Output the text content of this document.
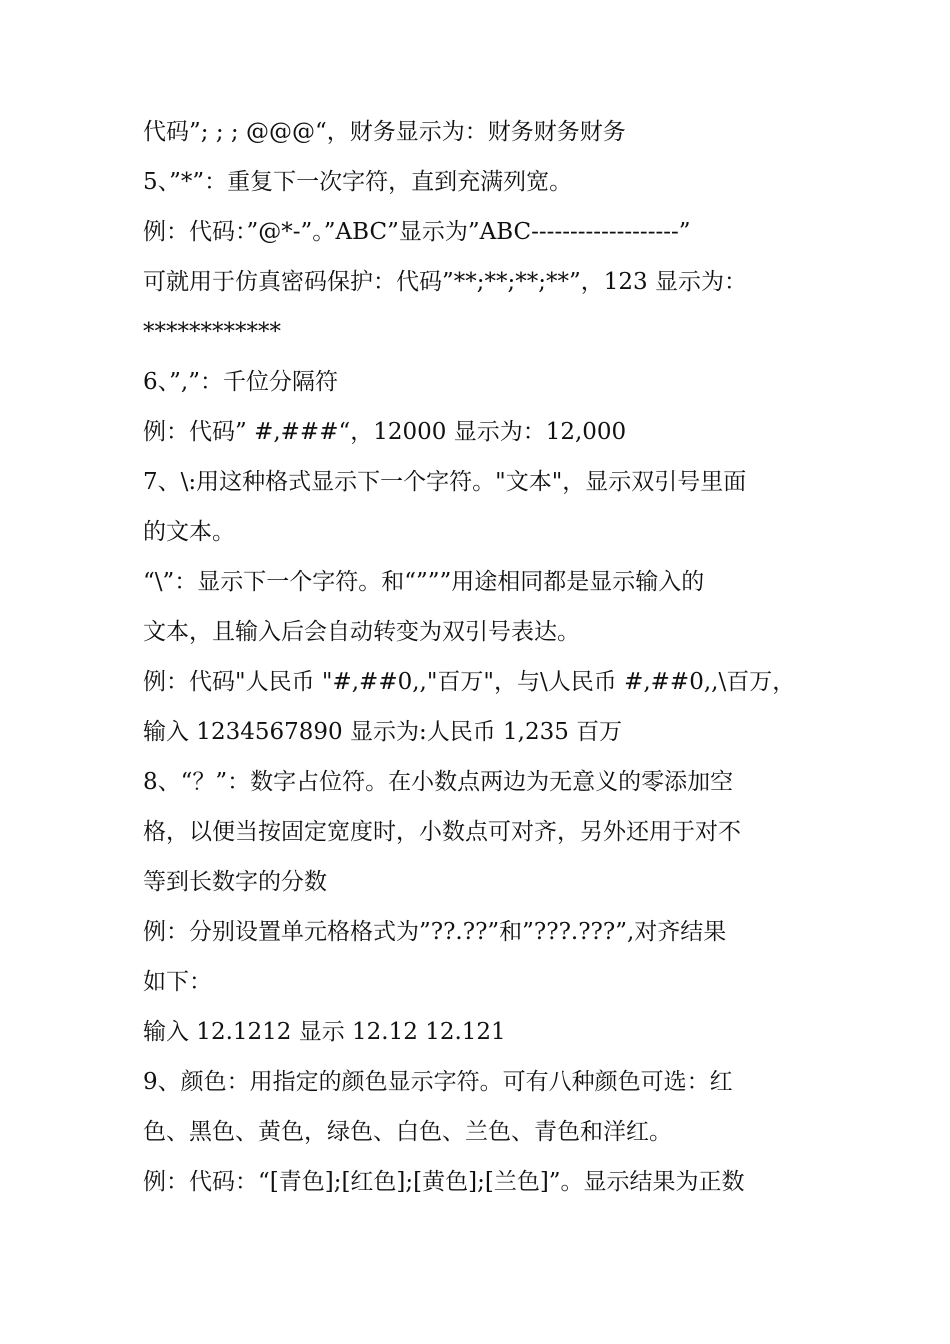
代码”; ; ; @@@“，财务显示为：财务财务财务
5、”*”：重复下一次字符，直到充满列宽。
例：代码：”@*-”。”ABC”显示为”ABC-------------------”
可就用于仿真密码保护：代码”**;**;**;**”，123 显示为：
************
6、”,”：千位分隔符
例：代码” #,###“，12000 显示为：12,000
7、\:用这种格式显示下一个字符。"文本"，显示双引号里面
的文本。
“\”：显示下一个字符。和“”””用途相同都是显示输入的
文本，且输入后会自动转变为双引号表达。
例：代码"人民币 "#,##0,,"百万"，与\人民币 #,##0,,\百万，
输入 1234567890 显示为:人民币 1,235 百万
8、“？”：数字占位符。在小数点两边为无意义的零添加空
格，以便当按固定宽度时，小数点可对齐，另外还用于对不
等到长数字的分数
例：分别设置单元格格式为”??.??”和”???.???”,对齐结果
如下：
输入 12.1212 显示 12.12 12.121
9、颜色：用指定的颜色显示字符。可有八种颜色可选：红
色、黑色、黄色，绿色、白色、兰色、青色和洋红。
例：代码：“[青色];[红色];[黄色];[兰色]”。显示结果为正数
